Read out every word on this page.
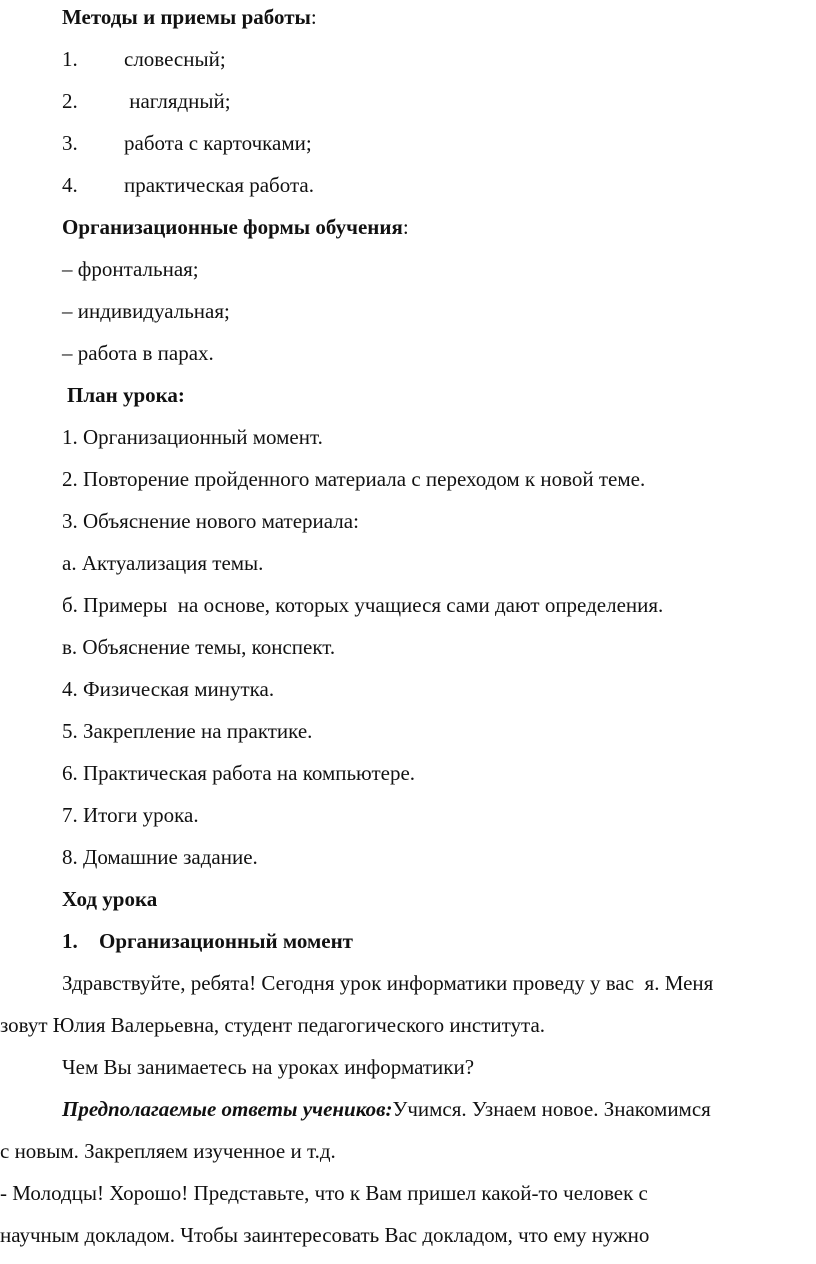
Методы и приемы работы:
1. словесный;
2. наглядный;
3. работа с карточками;
4. практическая работа.
Организационные формы обучения:
– фронтальная;
– индивидуальная;
– работа в парах.
План урока:
1. Организационный момент.
2. Повторение пройденного материала с переходом к новой теме.
3. Объяснение нового материала:
а. Актуализация темы.
б. Примеры  на основе, которых учащиеся сами дают определения.
в. Объяснение темы, конспект.
4. Физическая минутка.
5. Закрепление на практике.
6. Практическая работа на компьютере.
7. Итоги урока.
8. Домашние задание.
Ход урока
1. Организационный момент
Здравствуйте, ребята! Сегодня урок информатики проведу у вас  я. Меня
зовут Юлия Валерьевна, студент педагогического института.
Чем Вы занимаетесь на уроках информатики?
Предполагаемые ответы учеников:Учимся. Узнаем новое. Знакомимся
с новым. Закрепляем изученное и т.д.
- Молодцы! Хорошо! Представьте, что к Вам пришел какой-то человек с
научным докладом. Чтобы заинтересовать Вас докладом, что ему нужно
